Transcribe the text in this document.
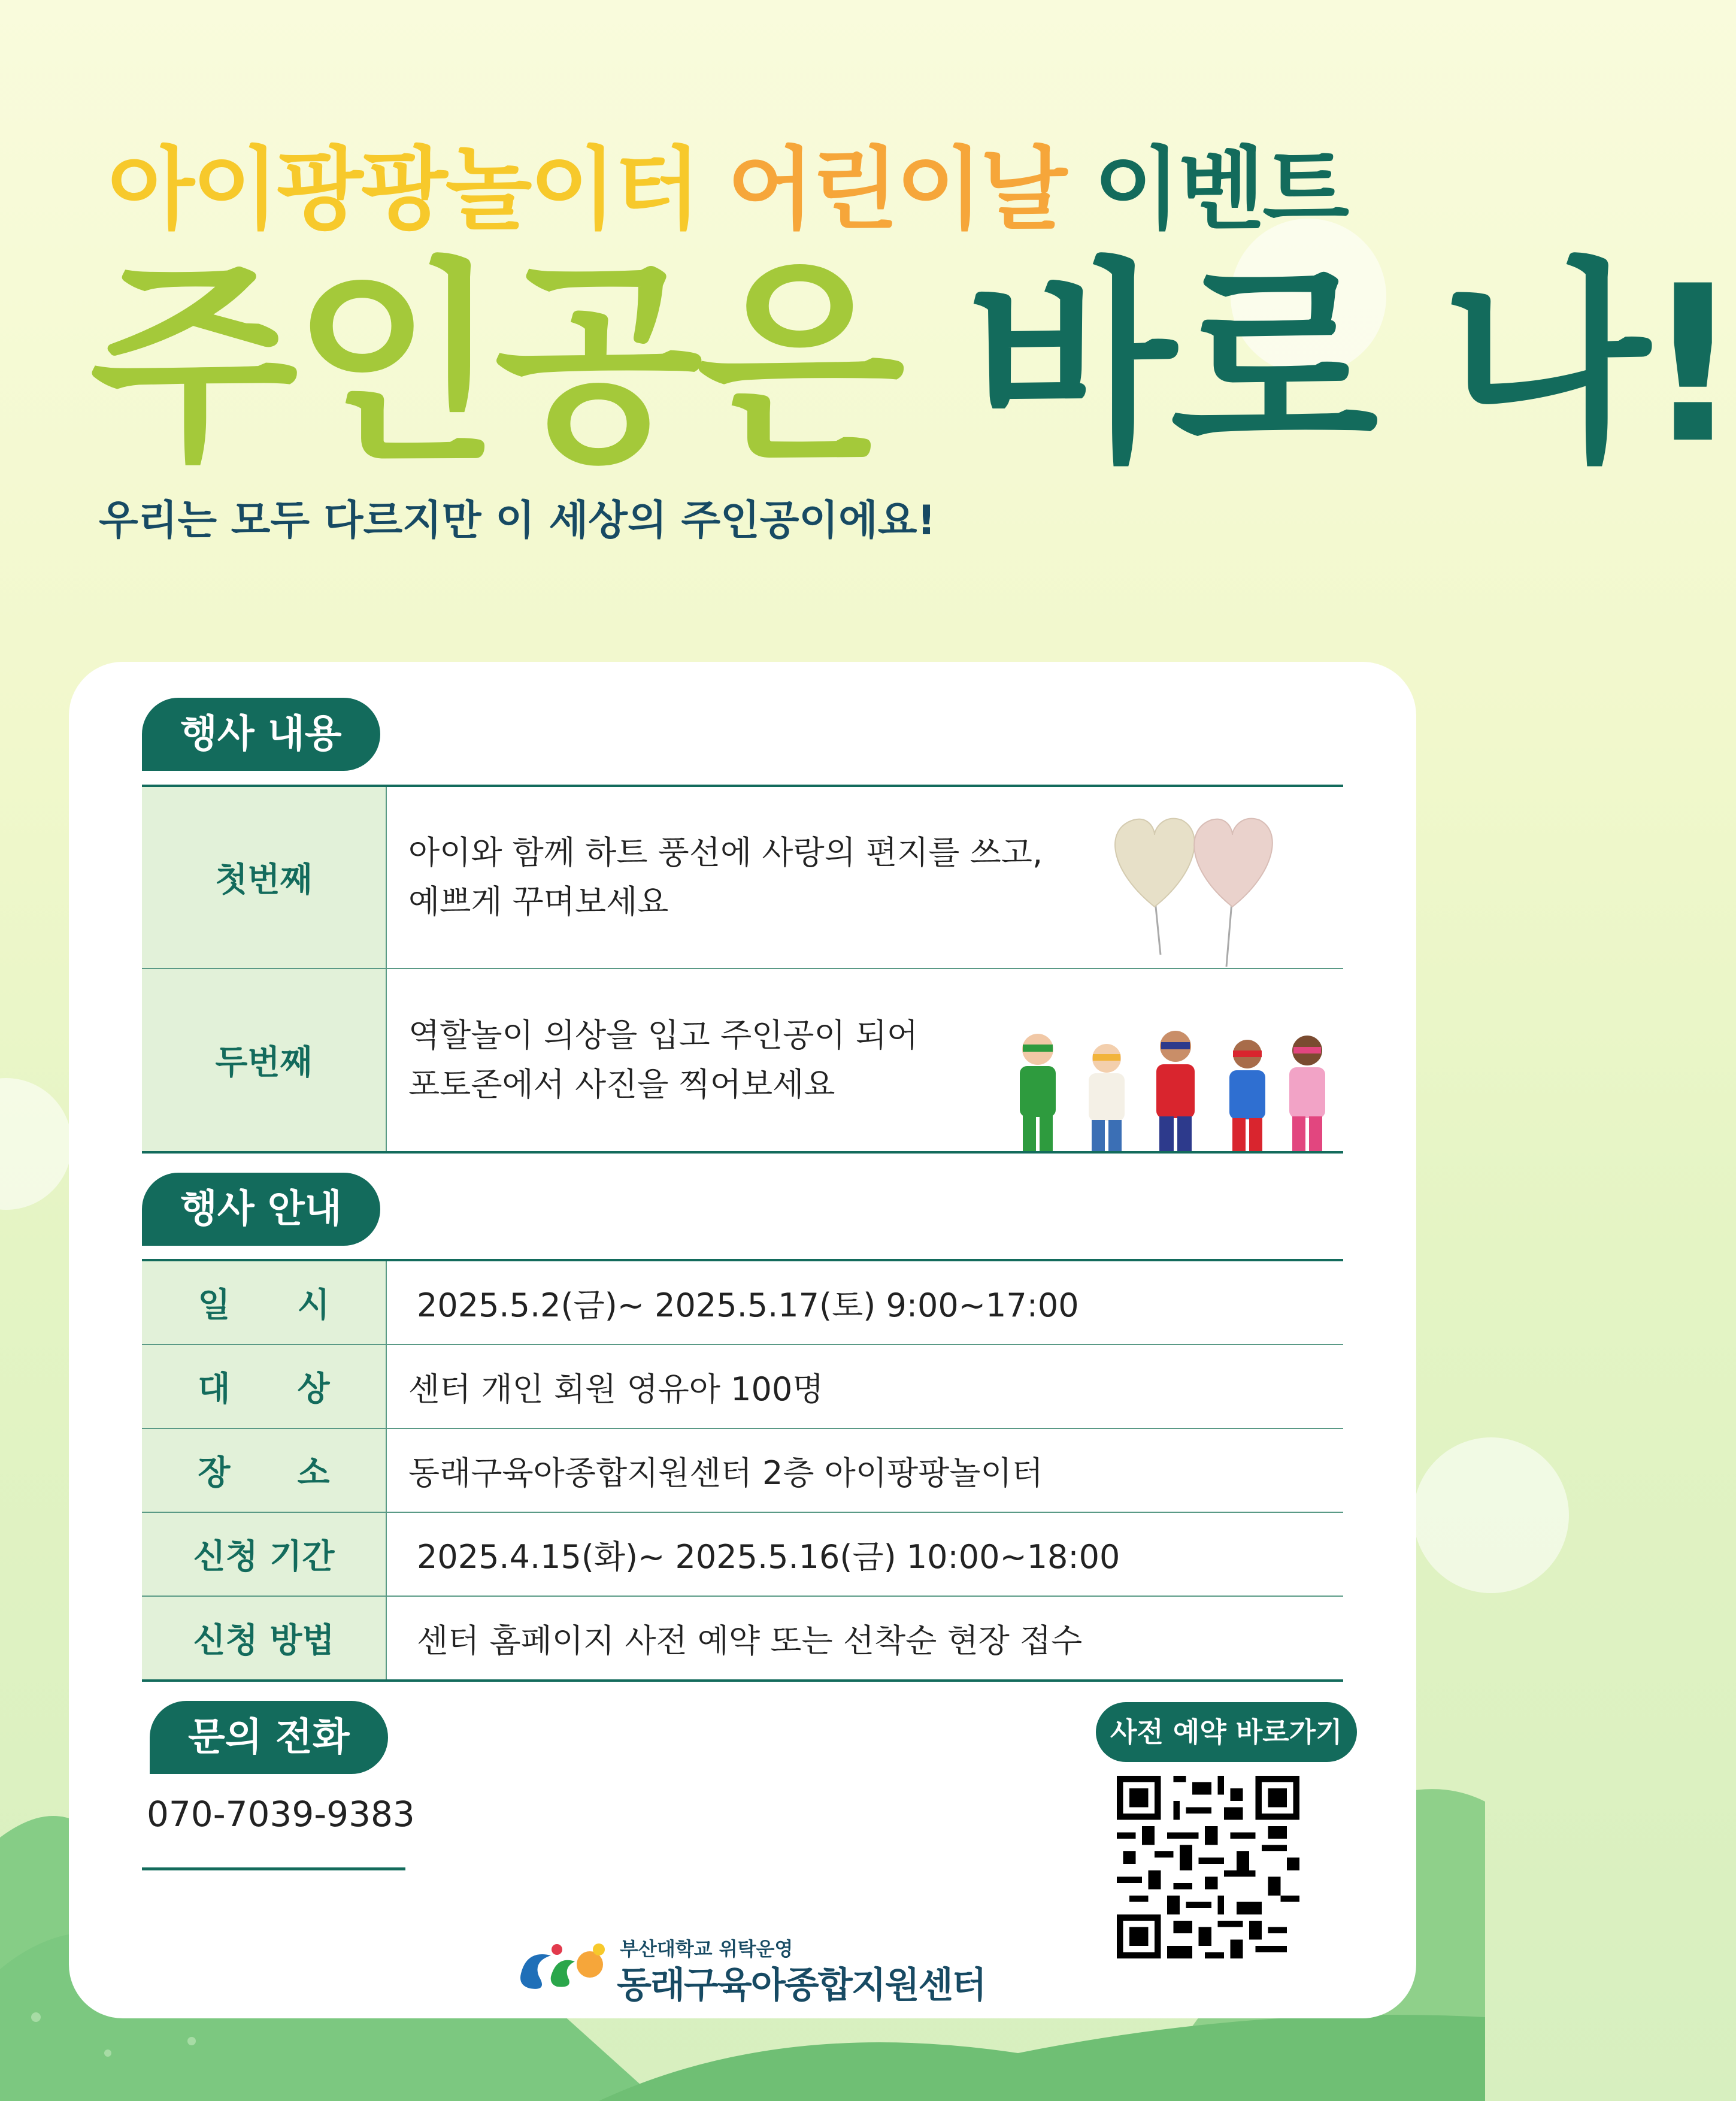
아이팡팡놀이터 어린이날 이벤트
주인공은 바로 나!
우리는 모두 다르지만 이 세상의 주인공이에요!
행사 내용
첫번째	아이와 함께 하트 풍선에 사랑의 편지를 쓰고,
예쁘게 꾸며보세요

두번째	역할놀이 의상을 입고 주인공이 되어
포토존에서 사진을 찍어보세요
행사 안내
일　　시	2025.5.2(금)~ 2025.5.17(토) 9:00~17:00
대　　상	센터 개인 회원 영유아 100명
장　　소	동래구육아종합지원센터 2층 아이팡팡놀이터
신청 기간	2025.4.15(화)~ 2025.5.16(금) 10:00~18:00
신청 방법	센터 홈페이지 사전 예약 또는 선착순 현장 접수
문의 전화
070-7039-9383
사전 예약 바로가기
부산대학교 위탁운영
동래구육아종합지원센터
